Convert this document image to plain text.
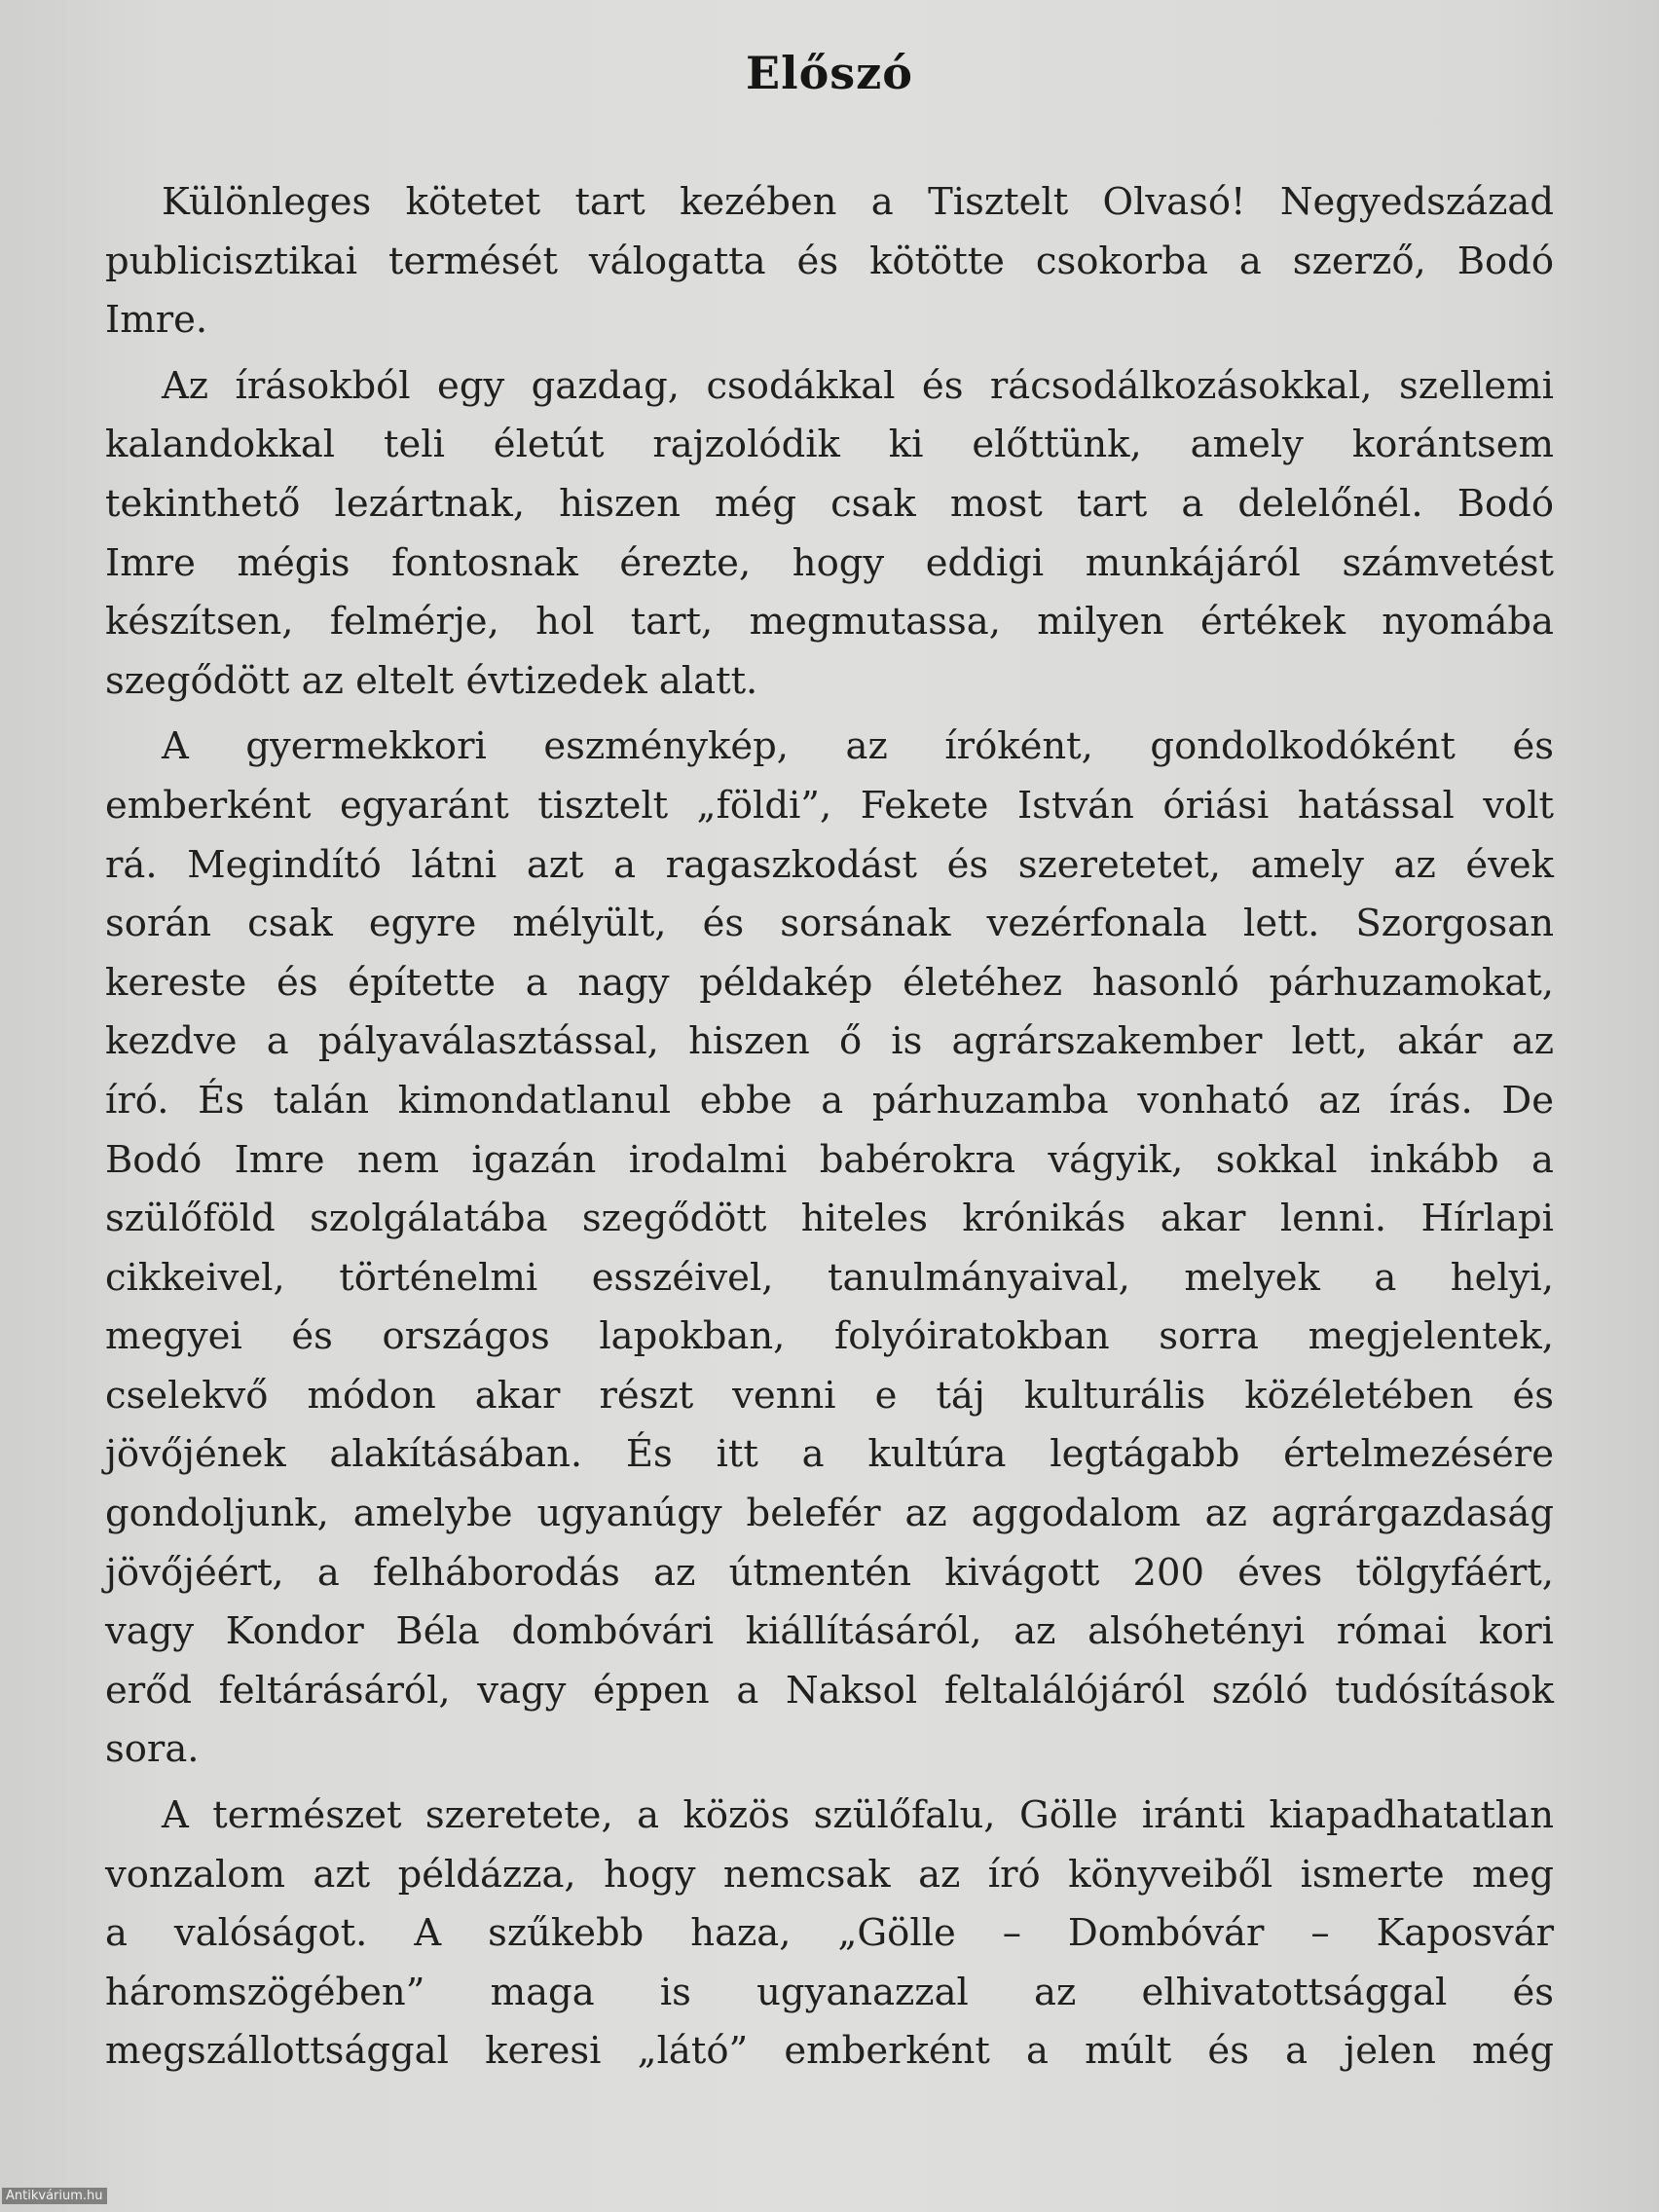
Előszó
Különleges kötetet tart kezében a Tisztelt Olvasó! Negyedszázad
publicisztikai termését válogatta és kötötte csokorba a szerző, Bodó
Imre.
Az írásokból egy gazdag, csodákkal és rácsodálkozásokkal, szellemi
kalandokkal teli életút rajzolódik ki előttünk, amely korántsem
tekinthető lezártnak, hiszen még csak most tart a delelőnél. Bodó
Imre mégis fontosnak érezte, hogy eddigi munkájáról számvetést
készítsen, felmérje, hol tart, megmutassa, milyen értékek nyomába
szegődött az eltelt évtizedek alatt.
A gyermekkori eszménykép, az íróként, gondolkodóként és
emberként egyaránt tisztelt „földi”, Fekete István óriási hatással volt
rá. Megindító látni azt a ragaszkodást és szeretetet, amely az évek
során csak egyre mélyült, és sorsának vezérfonala lett. Szorgosan
kereste és építette a nagy példakép életéhez hasonló párhuzamokat,
kezdve a pályaválasztással, hiszen ő is agrárszakember lett, akár az
író. És talán kimondatlanul ebbe a párhuzamba vonható az írás. De
Bodó Imre nem igazán irodalmi babérokra vágyik, sokkal inkább a
szülőföld szolgálatába szegődött hiteles krónikás akar lenni. Hírlapi
cikkeivel, történelmi esszéivel, tanulmányaival, melyek a helyi,
megyei és országos lapokban, folyóiratokban sorra megjelentek,
cselekvő módon akar részt venni e táj kulturális közéletében és
jövőjének alakításában. És itt a kultúra legtágabb értelmezésére
gondoljunk, amelybe ugyanúgy belefér az aggodalom az agrárgazdaság
jövőjéért, a felháborodás az útmentén kivágott 200 éves tölgyfáért,
vagy Kondor Béla dombóvári kiállításáról, az alsóhetényi római kori
erőd feltárásáról, vagy éppen a Naksol feltalálójáról szóló tudósítások
sora.
A természet szeretete, a közös szülőfalu, Gölle iránti kiapadhatatlan
vonzalom azt példázza, hogy nemcsak az író könyveiből ismerte meg
a valóságot. A szűkebb haza, „Gölle – Dombóvár – Kaposvár
háromszögében” maga is ugyanazzal az elhivatottsággal és
megszállottsággal keresi „látó” emberként a múlt és a jelen még
Antikvárium.hu
